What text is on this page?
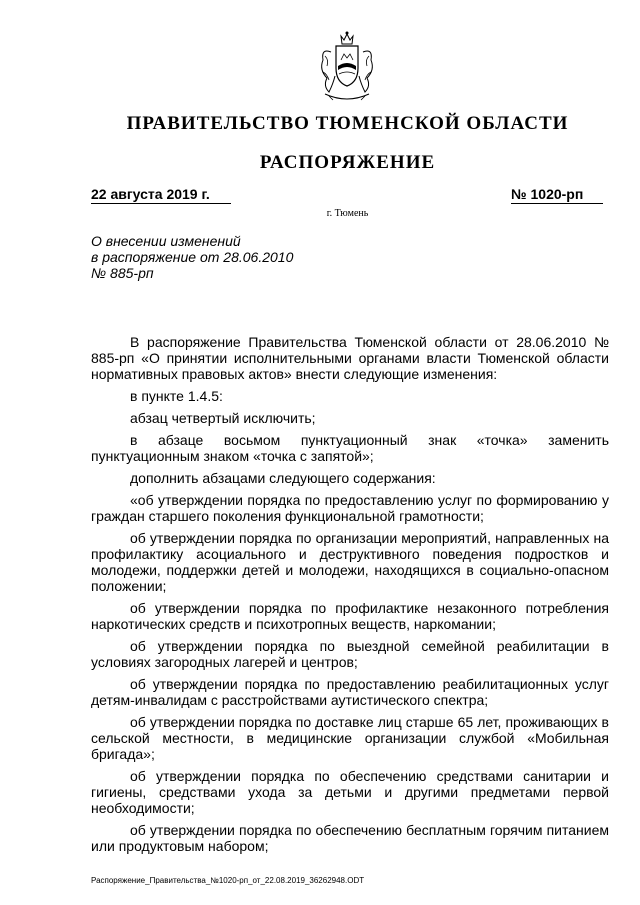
ПРАВИТЕЛЬСТВО ТЮМЕНСКОЙ ОБЛАСТИ
РАСПОРЯЖЕНИЕ
22 августа 2019 г.	№ 1020-рп
г. Тюмень
О внесении изменений
в распоряжение от 28.06.2010
№ 885-рп

В распоряжение Правительства Тюменской области от 28.06.2010 № 885-рп «О принятии исполнительными органами власти Тюменской области нормативных правовых актов» внести следующие изменения:

в пункте 1.4.5:

абзац четвертый исключить;

в абзаце восьмом пунктуационный знак «точка» заменить пунктуационным знаком «точка с запятой»;

дополнить абзацами следующего содержания:

«об утверждении порядка по предоставлению услуг по формированию у граждан старшего поколения функциональной грамотности;

об утверждении порядка по организации мероприятий, направленных на профилактику асоциального и деструктивного поведения подростков и молодежи, поддержки детей и молодежи, находящихся в социально-опасном положении;

об утверждении порядка по профилактике незаконного потребления наркотических средств и психотропных веществ, наркомании;

об утверждении порядка по выездной семейной реабилитации в условиях загородных лагерей и центров;

об утверждении порядка по предоставлению реабилитационных услуг детям-инвалидам с расстройствами аутистического спектра;

об утверждении порядка по доставке лиц старше 65 лет, проживающих в сельской местности, в медицинские организации службой «Мобильная бригада»;

об утверждении порядка по обеспечению средствами санитарии и гигиены, средствами ухода за детьми и другими предметами первой необходимости;

об утверждении порядка по обеспечению бесплатным горячим питанием или продуктовым набором;

Распоряжение_Правительства_№1020-рп_от_22.08.2019_36262948.ODT
